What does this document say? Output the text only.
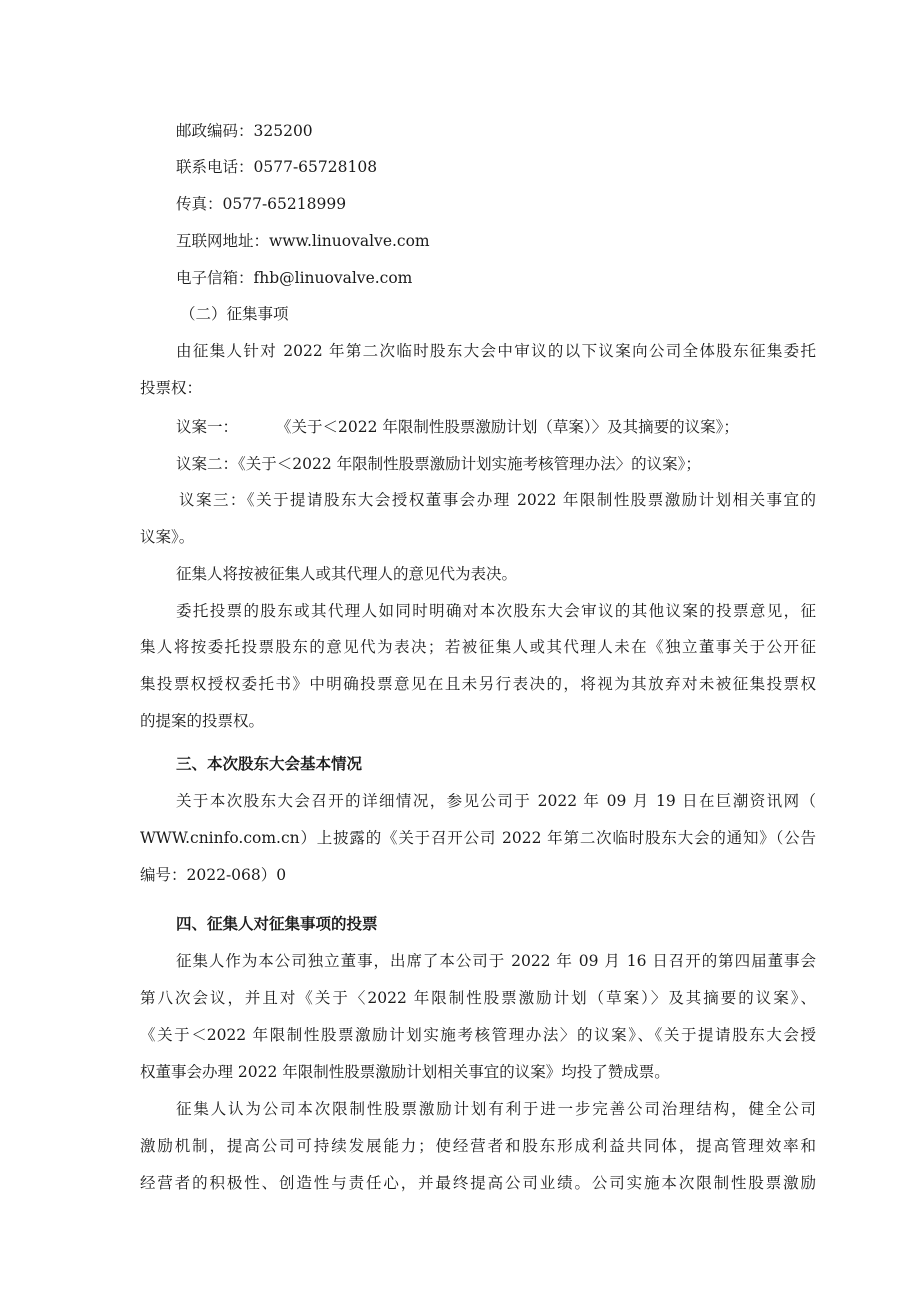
邮政编码：325200
联系电话：0577-65728108
传真：0577-65218999
互联网地址：www.linuovalve.com
电子信箱：fhb@linuovalve.com
（二）征集事项
由征集人针对 2022 年第二次临时股东大会中审议的以下议案向公司全体股东征集委托
投票权：
议案一： 《关于＜2022 年限制性股票激励计划（草案）〉及其摘要的议案》；
议案二：《关于＜2022 年限制性股票激励计划实施考核管理办法〉的议案》；
议案三：《关于提请股东大会授权董事会办理 2022 年限制性股票激励计划相关事宜的
议案》。
征集人将按被征集人或其代理人的意见代为表决。
委托投票的股东或其代理人如同时明确对本次股东大会审议的其他议案的投票意见，征
集人将按委托投票股东的意见代为表决；若被征集人或其代理人未在《独立董事关于公开征
集投票权授权委托书》中明确投票意见在且未另行表决的，将视为其放弃对未被征集投票权
的提案的投票权。
三、本次股东大会基本情况
关于本次股东大会召开的详细情况，参见公司于 2022 年 09 月 19 日在巨潮资讯网（
WWW.cninfo.com.cn）上披露的《关于召开公司 2022 年第二次临时股东大会的通知》（公告
编号：2022-068）0
四、征集人对征集事项的投票
征集人作为本公司独立董事，出席了本公司于 2022 年 09 月 16 日召开的第四届董事会
第八次会议，并且对《关于〈2022 年限制性股票激励计划（草案）〉及其摘要的议案》、
《关于＜2022 年限制性股票激励计划实施考核管理办法〉的议案》、《关于提请股东大会授
权董事会办理 2022 年限制性股票激励计划相关事宜的议案》均投了赞成票。
征集人认为公司本次限制性股票激励计划有利于进一步完善公司治理结构，健全公司
激励机制，提高公司可持续发展能力；使经营者和股东形成利益共同体，提高管理效率和
经营者的积极性、创造性与责任心，并最终提高公司业绩。公司实施本次限制性股票激励
